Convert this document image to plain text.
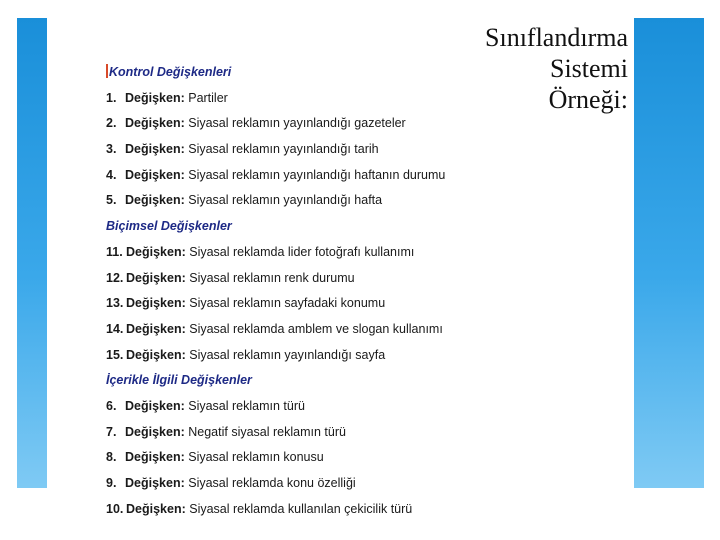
Sınıflandırma
Sistemi
Örneği:
Kontrol Değişkenleri
1. Değişken: Partiler
2. Değişken: Siyasal reklamın yayınlandığı gazeteler
3. Değişken: Siyasal reklamın yayınlandığı tarih
4. Değişken: Siyasal reklamın yayınlandığı haftanın durumu
5. Değişken: Siyasal reklamın yayınlandığı hafta
Biçimsel Değişkenler
11. Değişken: Siyasal reklamda lider fotoğrafı kullanımı
12. Değişken: Siyasal reklamın renk durumu
13. Değişken: Siyasal reklamın sayfadaki konumu
14. Değişken: Siyasal reklamda amblem ve slogan kullanımı
15. Değişken: Siyasal reklamın yayınlandığı sayfa
İçerikle İlgili Değişkenler
6. Değişken: Siyasal reklamın türü
7. Değişken: Negatif siyasal reklamın türü
8. Değişken: Siyasal reklamın konusu
9. Değişken: Siyasal reklamda konu özelliği
10. Değişken: Siyasal reklamda kullanılan çekicilik türü
